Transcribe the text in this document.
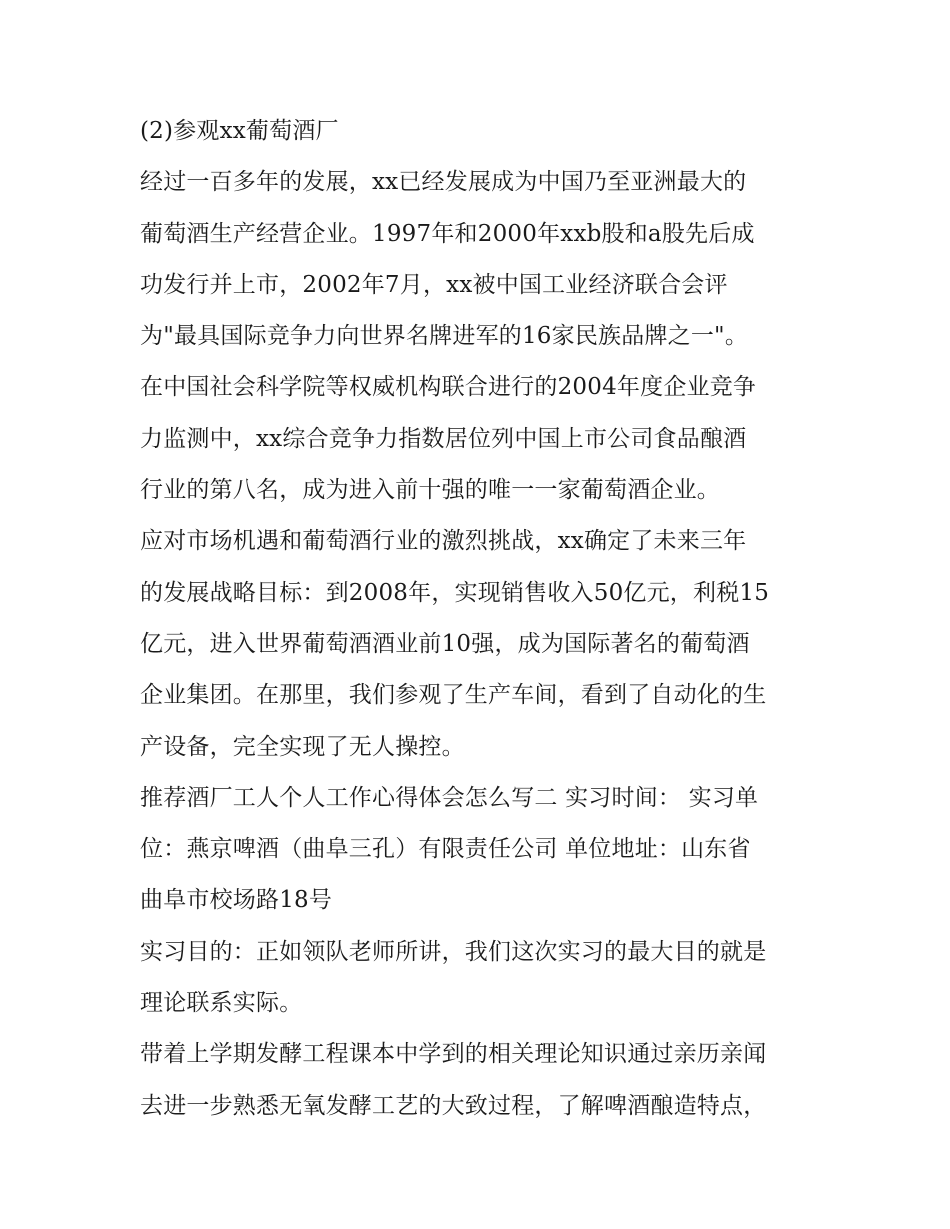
(2)参观xx葡萄酒厂
经过一百多年的发展，xx已经发展成为中国乃至亚洲最大的
葡萄酒生产经营企业。1997年和2000年xxb股和a股先后成
功发行并上市，2002年7月，xx被中国工业经济联合会评
为"最具国际竞争力向世界名牌进军的16家民族品牌之一"。
在中国社会科学院等权威机构联合进行的2004年度企业竞争
力监测中，xx综合竞争力指数居位列中国上市公司食品酿酒
行业的第八名，成为进入前十强的唯一一家葡萄酒企业。
应对市场机遇和葡萄酒行业的激烈挑战，xx确定了未来三年
的发展战略目标：到2008年，实现销售收入50亿元，利税15
亿元，进入世界葡萄酒酒业前10强，成为国际著名的葡萄酒
企业集团。在那里，我们参观了生产车间，看到了自动化的生
产设备，完全实现了无人操控。
推荐酒厂工人个人工作心得体会怎么写二 实习时间： 实习单
位：燕京啤酒（曲阜三孔）有限责任公司 单位地址：山东省
曲阜市校场路18号
实习目的：正如领队老师所讲，我们这次实习的最大目的就是
理论联系实际。
带着上学期发酵工程课本中学到的相关理论知识通过亲历亲闻
去进一步熟悉无氧发酵工艺的大致过程，了解啤酒酿造特点，
